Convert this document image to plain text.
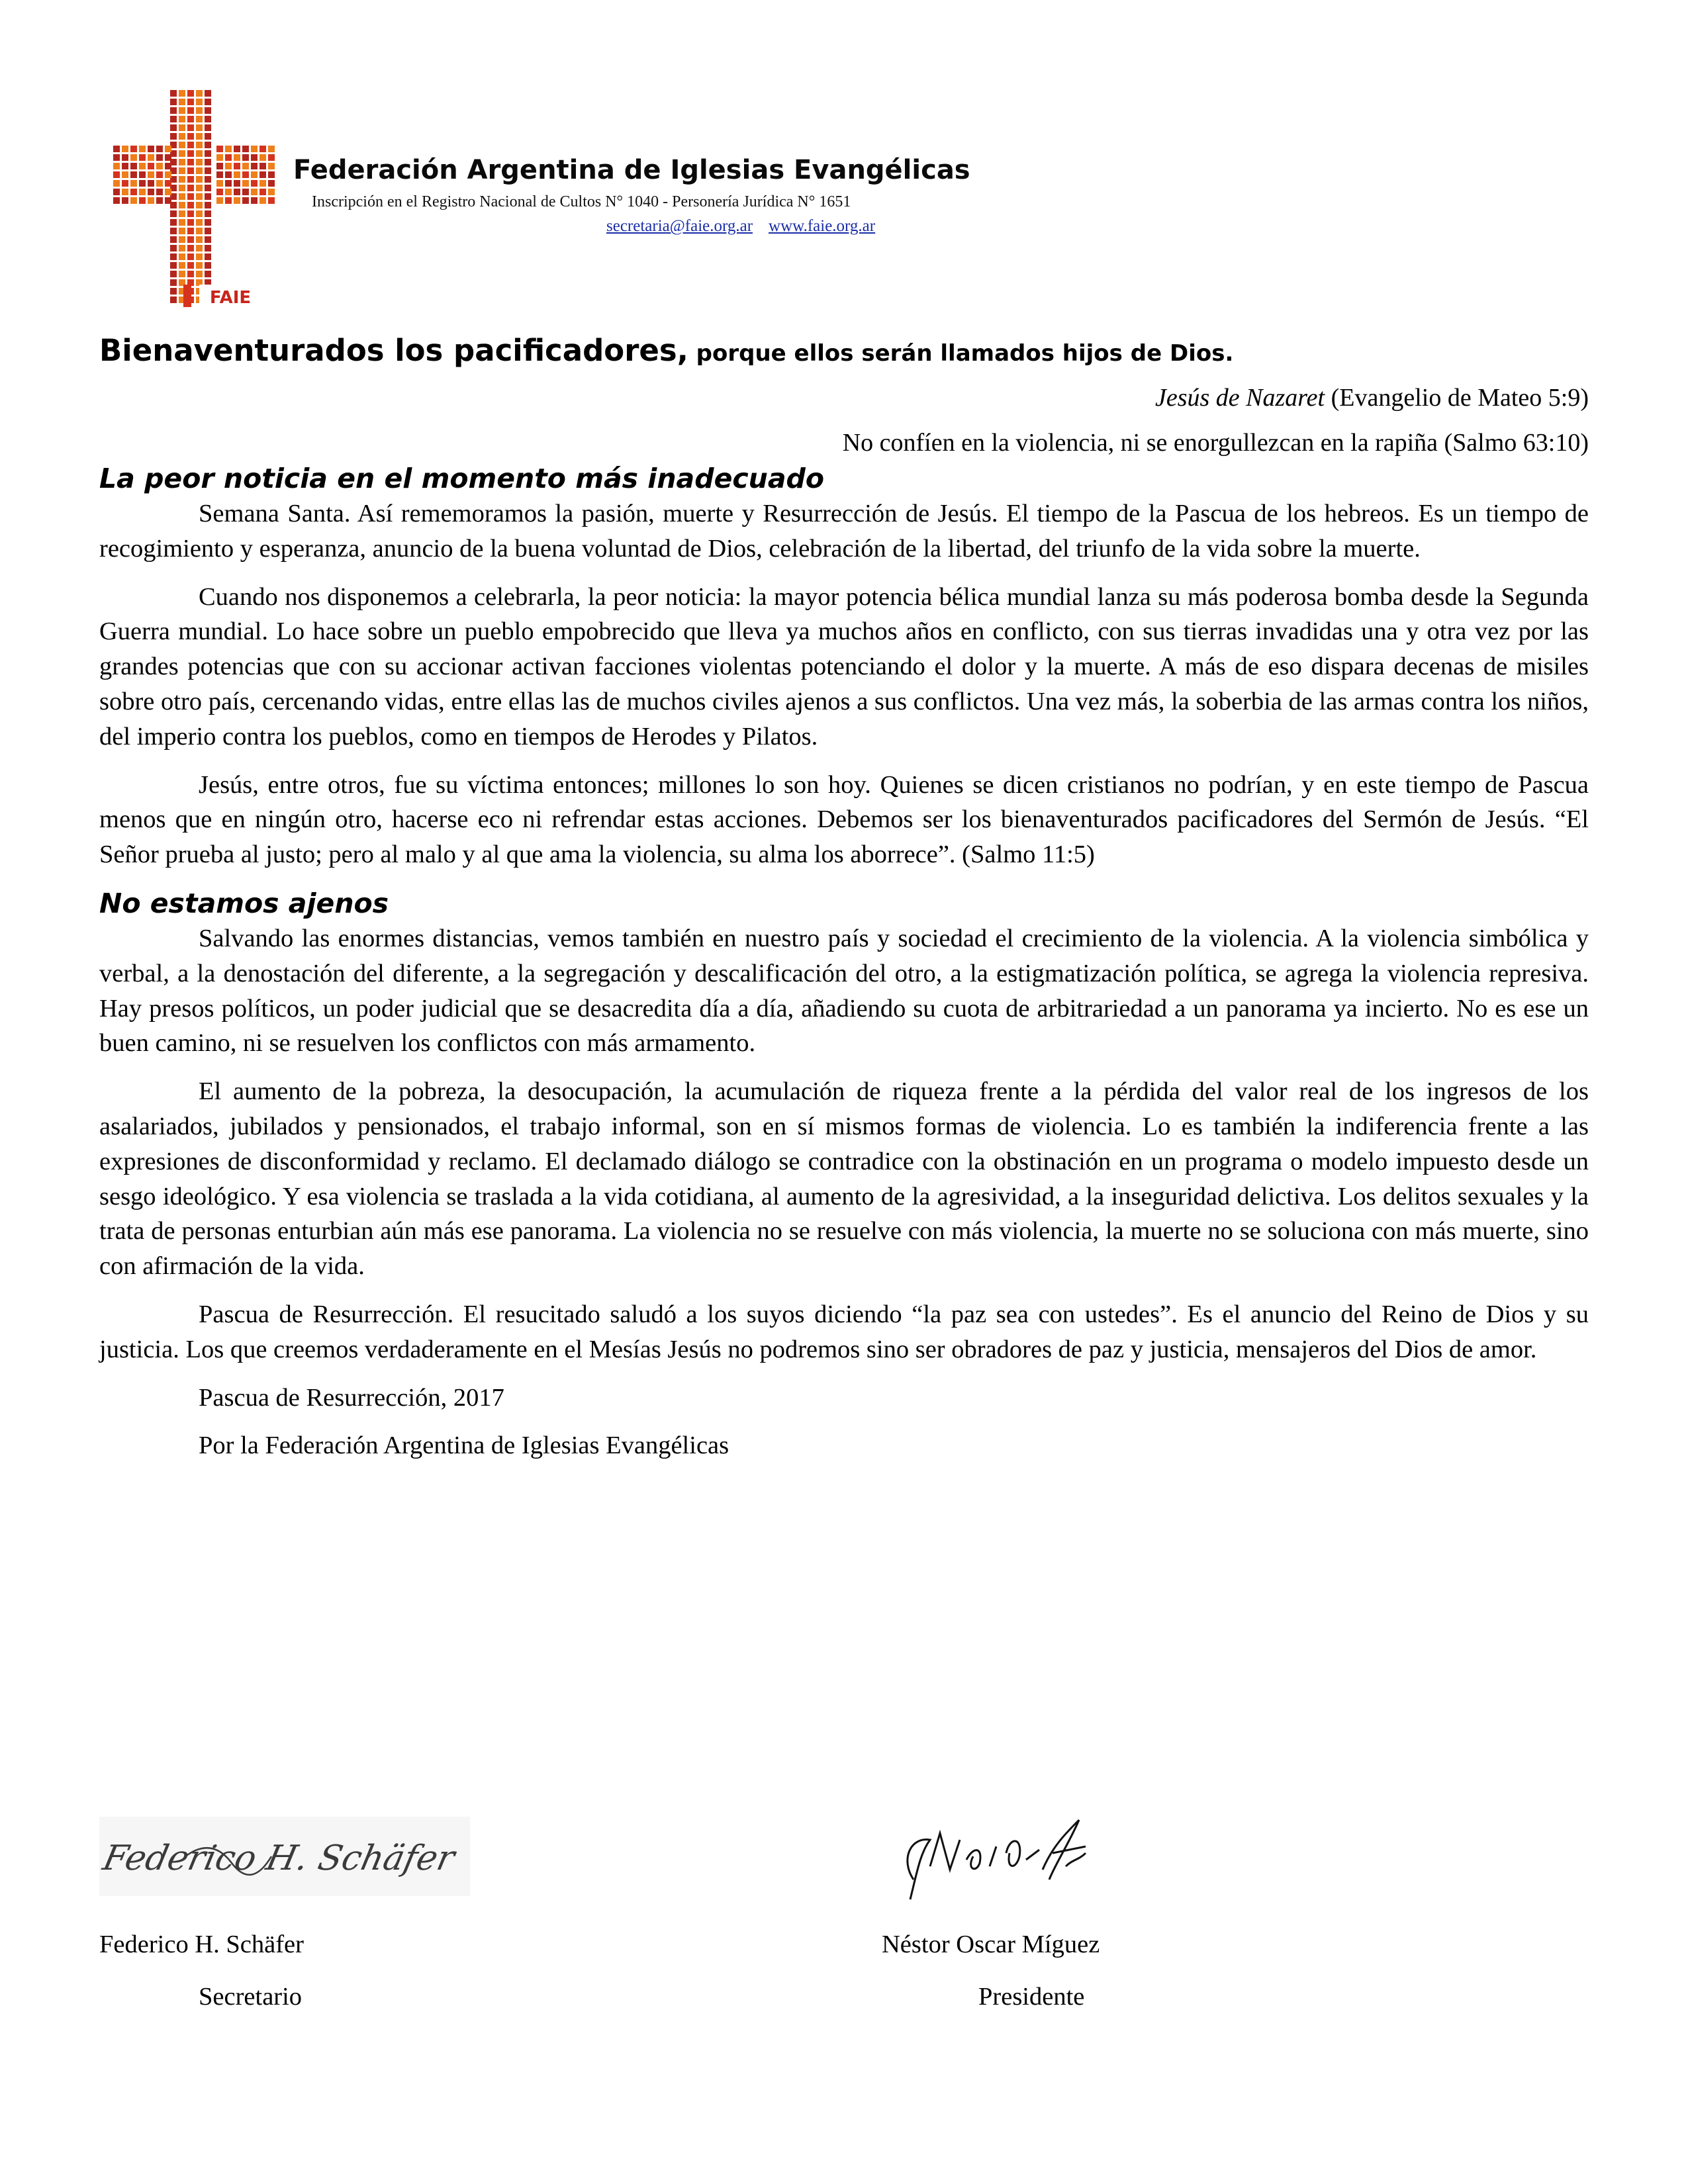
FAIE
Federación Argentina de Iglesias Evangélicas
Inscripción en el Registro Nacional de Cultos N° 1040 - Personería Jurídica N° 1651
secretaria@faie.org.ar www.faie.org.ar

Bienaventurados los pacificadores, porque ellos serán llamados hijos de Dios.

Jesús de Nazaret (Evangelio de Mateo 5:9)

No confíen en la violencia, ni se enorgullezcan en la rapiña (Salmo 63:10)

La peor noticia en el momento más inadecuado

Semana Santa. Así rememoramos la pasión, muerte y Resurrección de Jesús. El tiempo de la Pascua de los hebreos. Es un tiempo de recogimiento y esperanza, anuncio de la buena voluntad de Dios, celebración de la libertad, del triunfo de la vida sobre la muerte.

Cuando nos disponemos a celebrarla, la peor noticia: la mayor potencia bélica mundial lanza su más poderosa bomba desde la Segunda Guerra mundial. Lo hace sobre un pueblo empobrecido que lleva ya muchos años en conflicto, con sus tierras invadidas una y otra vez por las grandes potencias que con su accionar activan facciones violentas potenciando el dolor y la muerte. A más de eso dispara decenas de misiles sobre otro país, cercenando vidas, entre ellas las de muchos civiles ajenos a sus conflictos. Una vez más, la soberbia de las armas contra los niños, del imperio contra los pueblos, como en tiempos de Herodes y Pilatos.

Jesús, entre otros, fue su víctima entonces; millones lo son hoy. Quienes se dicen cristianos no podrían, y en este tiempo de Pascua menos que en ningún otro, hacerse eco ni refrendar estas acciones. Debemos ser los bienaventurados pacificadores del Sermón de Jesús. “El Señor prueba al justo; pero al malo y al que ama la violencia, su alma los aborrece”. (Salmo 11:5)

No estamos ajenos

Salvando las enormes distancias, vemos también en nuestro país y sociedad el crecimiento de la violencia. A la violencia simbólica y verbal, a la denostación del diferente, a la segregación y descalificación del otro, a la estigmatización política, se agrega la violencia represiva. Hay presos políticos, un poder judicial que se desacredita día a día, añadiendo su cuota de arbitrariedad a un panorama ya incierto. No es ese un buen camino, ni se resuelven los conflictos con más armamento.

El aumento de la pobreza, la desocupación, la acumulación de riqueza frente a la pérdida del valor real de los ingresos de los asalariados, jubilados y pensionados, el trabajo informal, son en sí mismos formas de violencia. Lo es también la indiferencia frente a las expresiones de disconformidad y reclamo. El declamado diálogo se contradice con la obstinación en un programa o modelo impuesto desde un sesgo ideológico. Y esa violencia se traslada a la vida cotidiana, al aumento de la agresividad, a la inseguridad delictiva. Los delitos sexuales y la trata de personas enturbian aún más ese panorama. La violencia no se resuelve con más violencia, la muerte no se soluciona con más muerte, sino con afirmación de la vida.

Pascua de Resurrección. El resucitado saludó a los suyos diciendo “la paz sea con ustedes”. Es el anuncio del Reino de Dios y su justicia. Los que creemos verdaderamente en el Mesías Jesús no podremos sino ser obradores de paz y justicia, mensajeros del Dios de amor.

Pascua de Resurrección, 2017

Por la Federación Argentina de Iglesias Evangélicas

Federico H. Schäfer
Federico H. Schäfer
Secretario
Néstor Oscar Míguez
Presidente
